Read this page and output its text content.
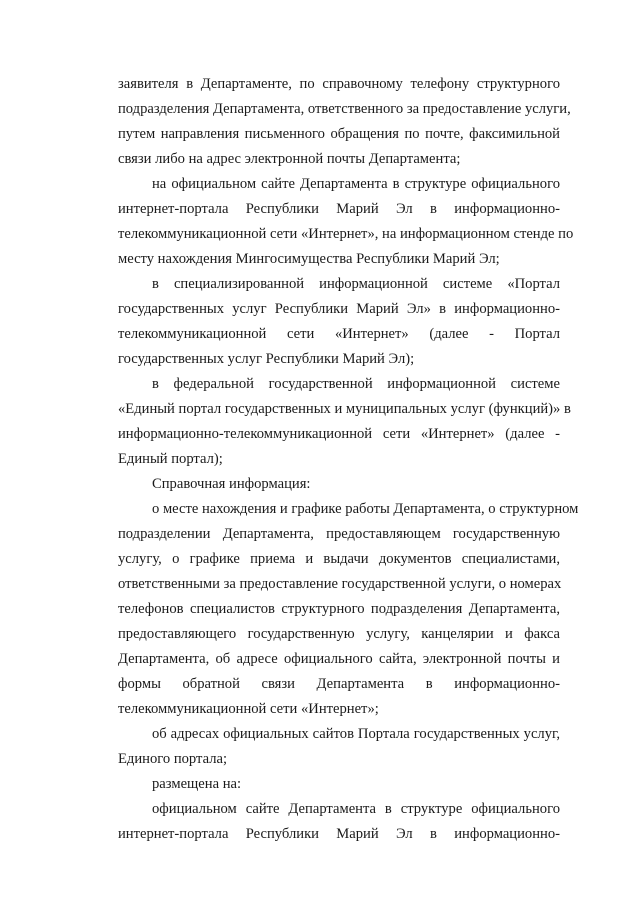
заявителя в Департаменте, по справочному телефону структурного
подразделения Департамента, ответственного за предоставление услуги,
путем направления письменного обращения по почте, факсимильной
связи либо на адрес электронной почты Департамента;
на официальном сайте Департамента в структуре официального
интернет-портала Республики Марий Эл в информационно-
телекоммуникационной сети «Интернет», на информационном стенде по
месту нахождения Мингосимущества Республики Марий Эл;
в специализированной информационной системе «Портал
государственных услуг Республики Марий Эл» в информационно-
телекоммуникационной сети «Интернет» (далее - Портал
государственных услуг Республики Марий Эл);
в федеральной государственной информационной системе
«Единый портал государственных и муниципальных услуг (функций)» в
информационно-телекоммуникационной сети «Интернет» (далее -
Единый портал);
Справочная информация:
о месте нахождения и графике работы Департамента, о структурном
подразделении Департамента, предоставляющем государственную
услугу, о графике приема и выдачи документов специалистами,
ответственными за предоставление государственной услуги, о номерах
телефонов специалистов структурного подразделения Департамента,
предоставляющего государственную услугу, канцелярии и факса
Департамента, об адресе официального сайта, электронной почты и
формы обратной связи Департамента в информационно-
телекоммуникационной сети «Интернет»;
об адресах официальных сайтов Портала государственных услуг,
Единого портала;
размещена на:
официальном сайте Департамента в структуре официального
интернет-портала Республики Марий Эл в информационно-
